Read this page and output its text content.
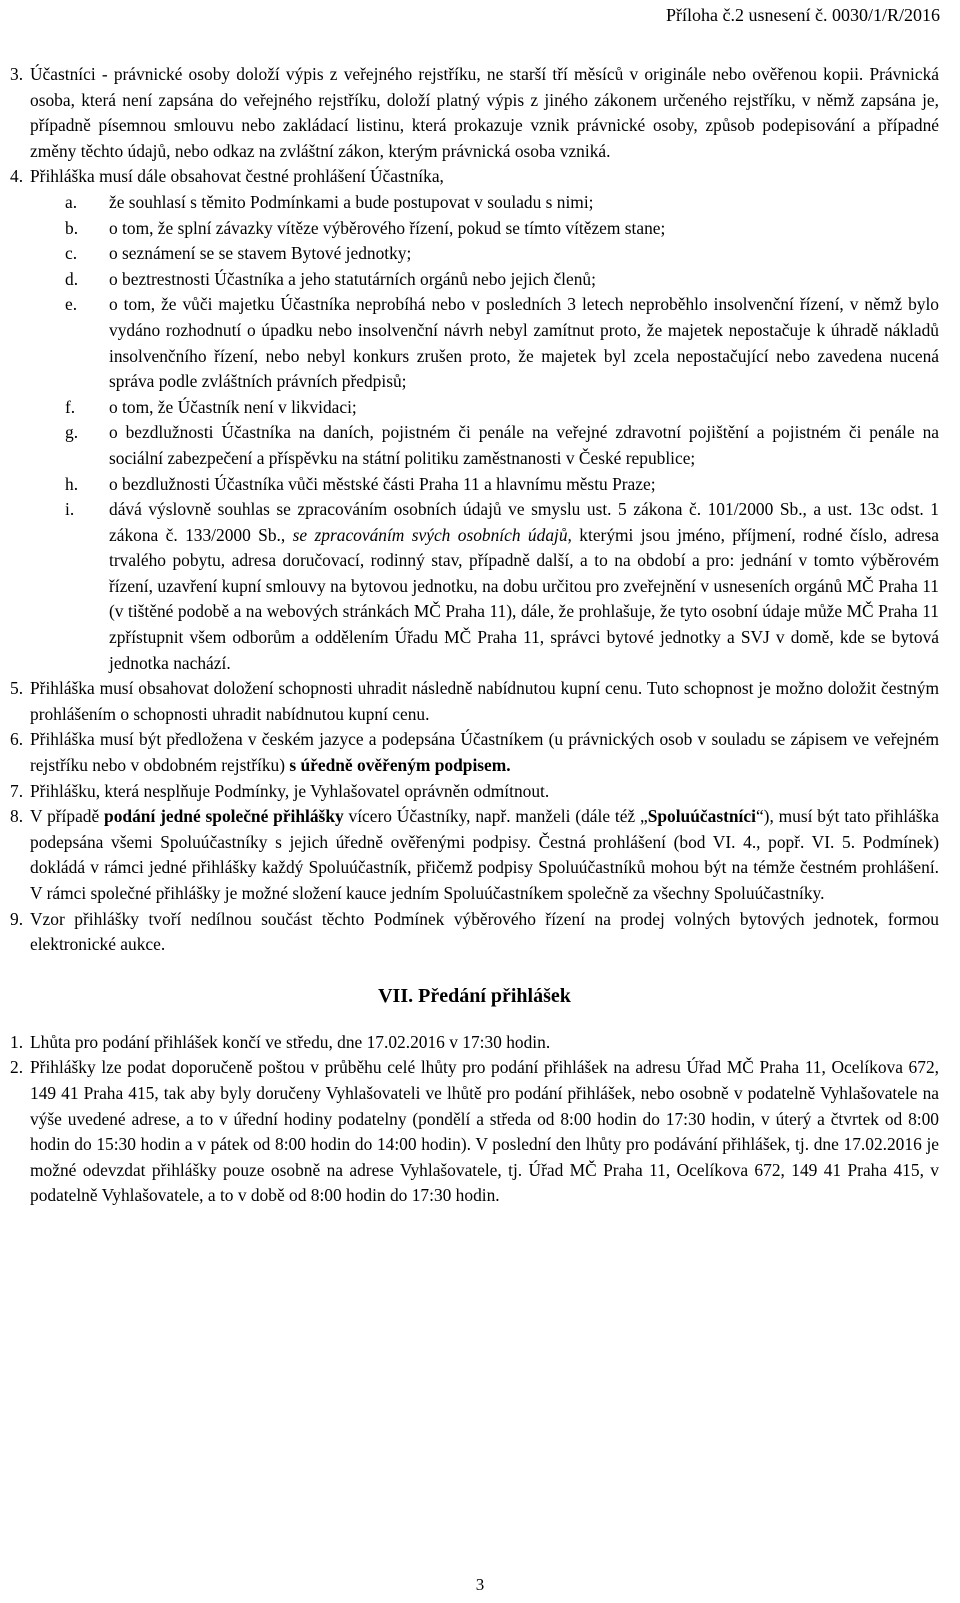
Příloha č.2 usnesení č. 0030/1/R/2016
3. Účastníci - právnické osoby doloží výpis z veřejného rejstříku, ne starší tří měsíců v originále nebo ověřenou kopii. Právnická osoba, která není zapsána do veřejného rejstříku, doloží platný výpis z jiného zákonem určeného rejstříku, v němž zapsána je, případně písemnou smlouvu nebo zakládací listinu, která prokazuje vznik právnické osoby, způsob podepisování a případné změny těchto údajů, nebo odkaz na zvláštní zákon, kterým právnická osoba vzniká.
4. Přihláška musí dále obsahovat čestné prohlášení Účastníka,
a. že souhlasí s těmito Podmínkami a bude postupovat v souladu s nimi;
b. o tom, že splní závazky vítěze výběrového řízení, pokud se tímto vítězem stane;
c. o seznámení se se stavem Bytové jednotky;
d. o beztrestnosti Účastníka a jeho statutárních orgánů nebo jejich členů;
e. o tom, že vůči majetku Účastníka neprobíhá nebo v posledních 3 letech neproběhlo insolvenční řízení, v němž bylo vydáno rozhodnutí o úpadku nebo insolvenční návrh nebyl zamítnut proto, že majetek nepostačuje k úhradě nákladů insolvenčního řízení, nebo nebyl konkurs zrušen proto, že majetek byl zcela nepostačující nebo zavedena nucená správa podle zvláštních právních předpisů;
f. o tom, že Účastník není v likvidaci;
g. o bezdlužnosti Účastníka na daních, pojistném či penále na veřejné zdravotní pojištění a pojistném či penále na sociální zabezpečení a příspěvku na státní politiku zaměstnanosti v České republice;
h. o bezdlužnosti Účastníka vůči městské části Praha 11 a hlavnímu městu Praze;
i. dává výslovně souhlas se zpracováním osobních údajů ve smyslu ust. 5 zákona č. 101/2000 Sb., a ust. 13c odst. 1 zákona č. 133/2000 Sb., se zpracováním svých osobních údajů, kterými jsou jméno, příjmení, rodné číslo, adresa trvalého pobytu, adresa doručovací, rodinný stav, případně další, a to na období a pro: jednání v tomto výběrovém řízení, uzavření kupní smlouvy na bytovou jednotku, na dobu určitou pro zveřejnění v usneseních orgánů MČ Praha 11 (v tištěné podobě a na webových stránkách MČ Praha 11), dále, že prohlašuje, že tyto osobní údaje může MČ Praha 11 zpřístupnit všem odborům a oddělením Úřadu MČ Praha 11, správci bytové jednotky a SVJ v domě, kde se bytová jednotka nachází.
5. Přihláška musí obsahovat doložení schopnosti uhradit následně nabídnutou kupní cenu. Tuto schopnost je možno doložit čestným prohlášením o schopnosti uhradit nabídnutou kupní cenu.
6. Přihláška musí být předložena v českém jazyce a podepsána Účastníkem (u právnických osob v souladu se zápisem ve veřejném rejstříku nebo v obdobném rejstříku) s úředně ověřeným podpisem.
7. Přihlášku, která nesplňuje Podmínky, je Vyhlašovatel oprávněn odmítnout.
8. V případě podání jedné společné přihlášky vícero Účastníky, např. manželi (dále též „Spoluúčastníci“), musí být tato přihláška podepsána všemi Spoluúčastníky s jejich úředně ověřenými podpisy. Čestná prohlášení (bod VI. 4., popř. VI. 5. Podmínek) dokládá v rámci jedné přihlášky každý Spoluúčastník, přičemž podpisy Spoluúčastníků mohou být na témže čestném prohlášení. V rámci společné přihlášky je možné složení kauce jedním Spoluúčastníkem společně za všechny Spoluúčastníky.
9. Vzor přihlášky tvoří nedílnou součást těchto Podmínek výběrového řízení na prodej volných bytových jednotek, formou elektronické aukce.
VII. Předání přihlášek
1. Lhůta pro podání přihlášek končí ve středu, dne 17.02.2016 v 17:30 hodin.
2. Přihlášky lze podat doporučeně poštou v průběhu celé lhůty pro podání přihlášek na adresu Úřad MČ Praha 11, Ocelíkova 672, 149 41 Praha 415, tak aby byly doručeny Vyhlašovateli ve lhůtě pro podání přihlášek, nebo osobně v podatelně Vyhlašovatele na výše uvedené adrese, a to v úřední hodiny podatelny (pondělí a středa od 8:00 hodin do 17:30 hodin, v úterý a čtvrtek od 8:00 hodin do 15:30 hodin a v pátek od 8:00 hodin do 14:00 hodin). V poslední den lhůty pro podávání přihlášek, tj. dne 17.02.2016 je možné odevzdat přihlášky pouze osobně na adrese Vyhlašovatele, tj. Úřad MČ Praha 11, Ocelíkova 672, 149 41 Praha 415, v podatelně Vyhlašovatele, a to v době od 8:00 hodin do 17:30 hodin.
3
